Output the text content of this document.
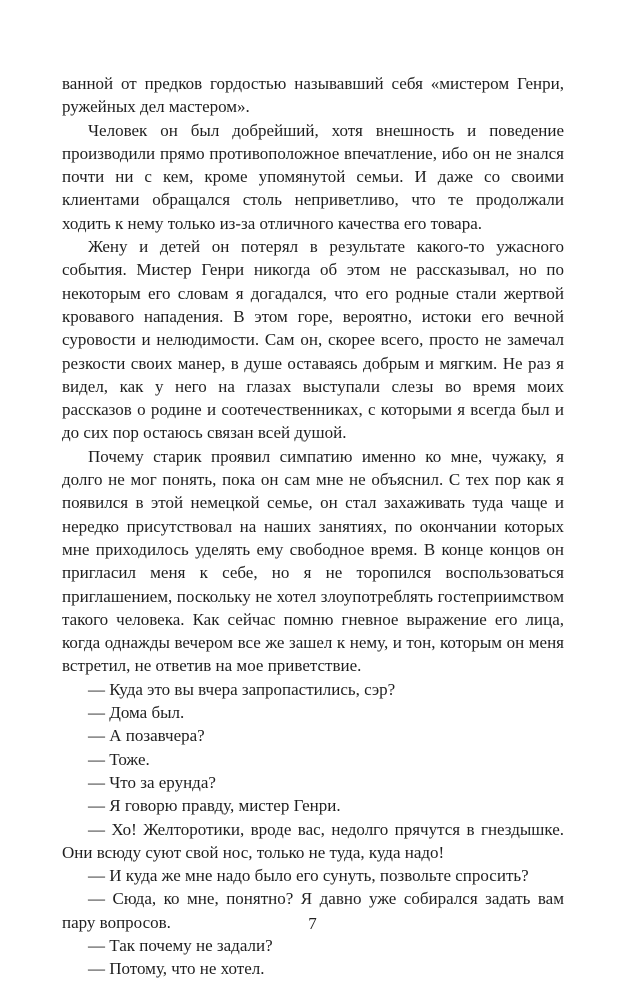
ванной от предков гордостью называвший себя «мистером Генри, ружейных дел мастером».

Человек он был добрейший, хотя внешность и поведение производили прямо противоположное впечатление, ибо он не знался почти ни с кем, кроме упомянутой семьи. И даже со своими клиентами обращался столь неприветливо, что те продолжали ходить к нему только из-за отличного качества его товара.

Жену и детей он потерял в результате какого-то ужасного события. Мистер Генри никогда об этом не рассказывал, но по некоторым его словам я догадался, что его родные стали жертвой кровавого нападения. В этом горе, вероятно, истоки его вечной суровости и нелюдимости. Сам он, скорее всего, просто не замечал резкости своих манер, в душе оставаясь добрым и мягким. Не раз я видел, как у него на глазах выступали слезы во время моих рассказов о родине и соотечественниках, с которыми я всегда был и до сих пор остаюсь связан всей душой.

Почему старик проявил симпатию именно ко мне, чужаку, я долго не мог понять, пока он сам мне не объяснил. С тех пор как я появился в этой немецкой семье, он стал захаживать туда чаще и нередко присутствовал на наших занятиях, по окончании которых мне приходилось уделять ему свободное время. В конце концов он пригласил меня к себе, но я не торопился воспользоваться приглашением, поскольку не хотел злоупотреблять гостеприимством такого человека. Как сейчас помню гневное выражение его лица, когда однажды вечером все же зашел к нему, и тон, которым он меня встретил, не ответив на мое приветствие.

— Куда это вы вчера запропастились, сэр?

— Дома был.

— А позавчера?

— Тоже.

— Что за ерунда?

— Я говорю правду, мистер Генри.

— Хо! Желторотики, вроде вас, недолго прячутся в гнездышке. Они всюду суют свой нос, только не туда, куда надо!

— И куда же мне надо было его сунуть, позвольте спросить?

— Сюда, ко мне, понятно? Я давно уже собирался задать вам пару вопросов.

— Так почему не задали?

— Потому, что не хотел.

7
